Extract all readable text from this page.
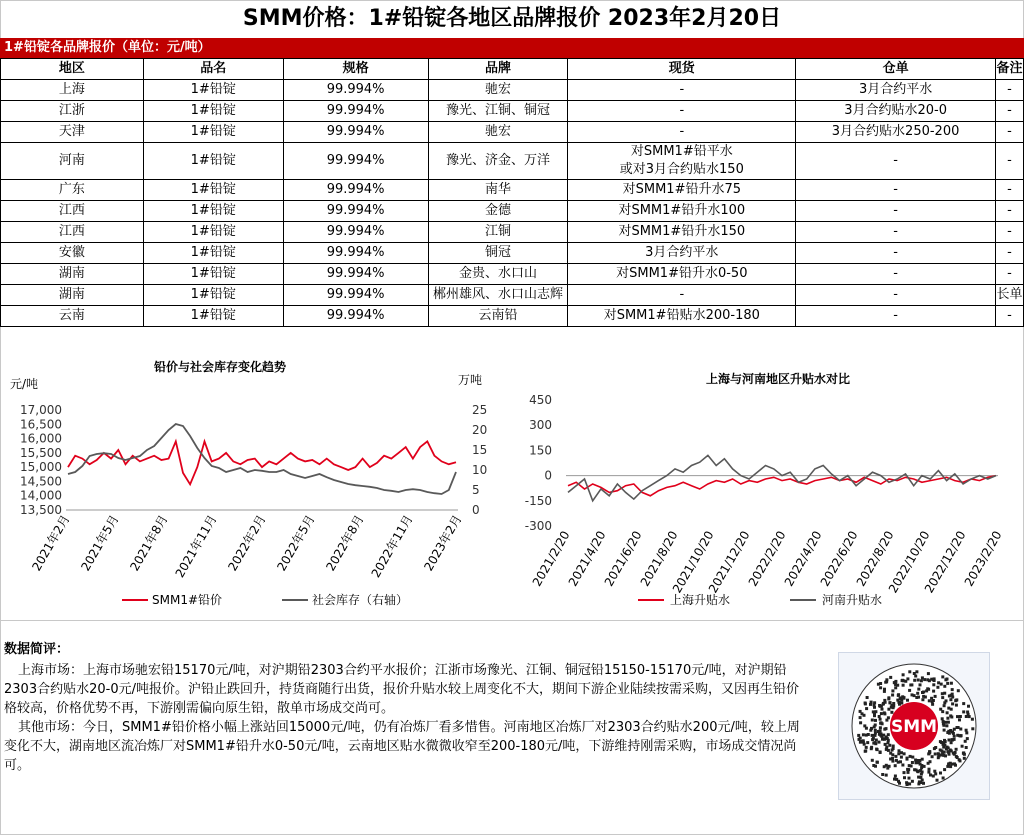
SMM价格：1#铅锭各地区品牌报价 2023年2月20日
1#铅锭各品牌报价（单位：元/吨）
地区	品名	规格	品牌	现货	仓单	备注
上海	1#铅锭	99.994%	驰宏	-	3月合约平水	-
江浙	1#铅锭	99.994%	豫光、江铜、铜冠	-	3月合约贴水20-0	-
天津	1#铅锭	99.994%	驰宏	-	3月合约贴水250-200	-
河南	1#铅锭	99.994%	豫光、济金、万洋	对SMM1#铅平水
或对3月合约贴水150	-	-
广东	1#铅锭	99.994%	南华	对SMM1#铅升水75	-	-
江西	1#铅锭	99.994%	金德	对SMM1#铅升水100	-	-
江西	1#铅锭	99.994%	江铜	对SMM1#铅升水150	-	-
安徽	1#铅锭	99.994%	铜冠	3月合约平水	-	-
湖南	1#铅锭	99.994%	金贵、水口山	对SMM1#铅升水0-50	-	-
湖南	1#铅锭	99.994%	郴州雄风、水口山志辉	-	-	长单
云南	1#铅锭	99.994%	云南铅	对SMM1#铅贴水200-180	-	-
铅价与社会库存变化趋势
上海与河南地区升贴水对比
元/吨	万吨
17,000
16,500
16,000
15,500
15,000
14,500
14,000
13,500
25
20
15
10
5
0
2021年2月 2021年5月 2021年8月 2021年11月 2022年2月 2022年5月 2022年8月 2022年11月 2023年2月
SMM1#铅价	社会库存（右轴）
450
300
150
0
-150
-300
2021/2/20
2021/4/20
2021/6/20
2021/8/20
2021/10/20
2021/12/20
2022/2/20
2022/4/20
2022/6/20
2022/8/20
2022/10/20
2022/12/20
2023/2/20
上海升贴水	河南升贴水
数据简评：

上海市场：上海市场驰宏铅15170元/吨，对沪期铅2303合约平水报价；江浙市场豫光、江铜、铜冠铅15150-15170元/吨，对沪期铅2303合约贴水20-0元/吨报价。沪铅止跌回升，持货商随行出货，报价升贴水较上周变化不大，期间下游企业陆续按需采购，又因再生铅价格较高，价格优势不再，下游刚需偏向原生铅，散单市场成交尚可。

其他市场：今日，SMM1#铅价格小幅上涨站回15000元/吨，仍有冶炼厂看多惜售。河南地区冶炼厂对2303合约贴水200元/吨，较上周变化不大，湖南地区流冶炼厂对SMM1#铅升水0-50元/吨，云南地区贴水微微收窄至200-180元/吨，下游维持刚需采购，市场成交情况尚可。

SMM
